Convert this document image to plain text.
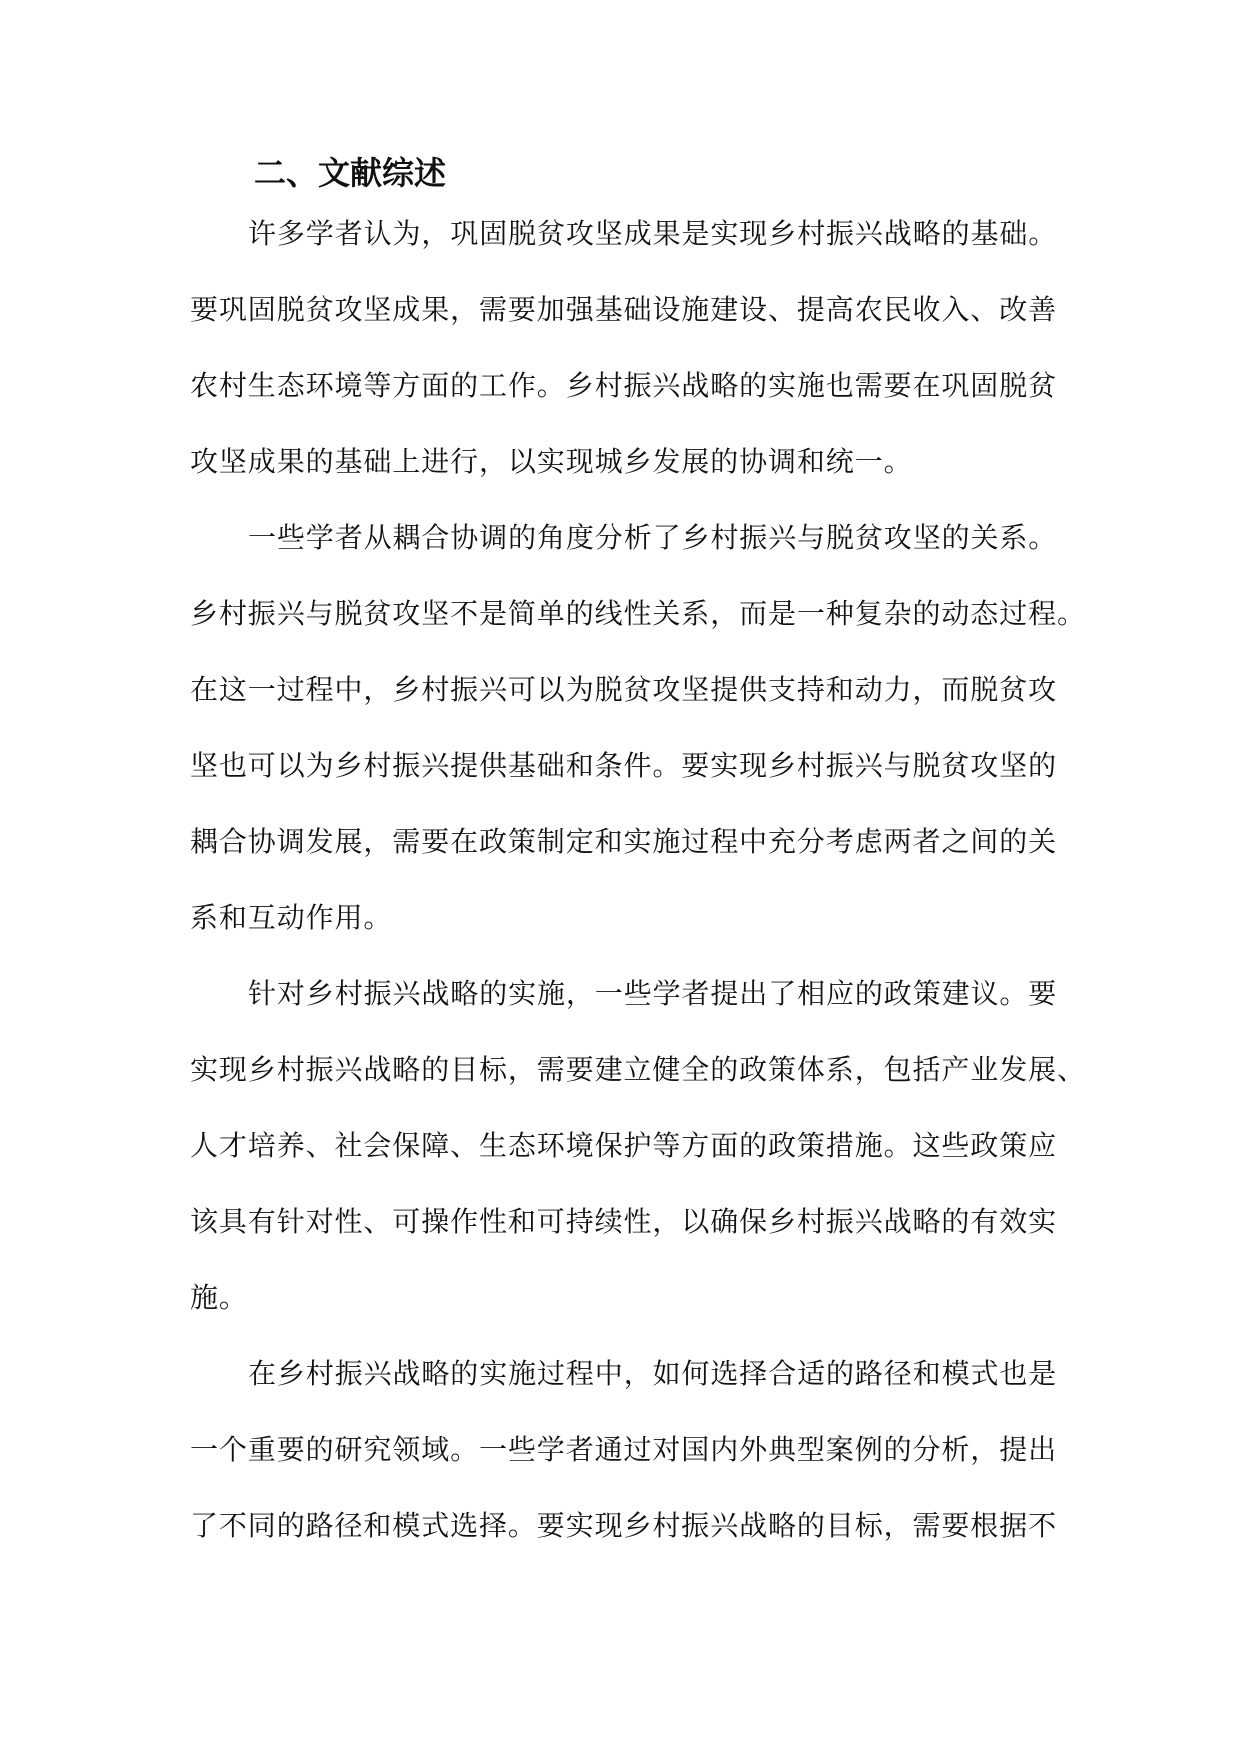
二、文献综述
许多学者认为，巩固脱贫攻坚成果是实现乡村振兴战略的基础。
要巩固脱贫攻坚成果，需要加强基础设施建设、提高农民收入、改善
农村生态环境等方面的工作。乡村振兴战略的实施也需要在巩固脱贫
攻坚成果的基础上进行，以实现城乡发展的协调和统一。
一些学者从耦合协调的角度分析了乡村振兴与脱贫攻坚的关系。
乡村振兴与脱贫攻坚不是简单的线性关系，而是一种复杂的动态过程。
在这一过程中，乡村振兴可以为脱贫攻坚提供支持和动力，而脱贫攻
坚也可以为乡村振兴提供基础和条件。要实现乡村振兴与脱贫攻坚的
耦合协调发展，需要在政策制定和实施过程中充分考虑两者之间的关
系和互动作用。
针对乡村振兴战略的实施，一些学者提出了相应的政策建议。要
实现乡村振兴战略的目标，需要建立健全的政策体系，包括产业发展、
人才培养、社会保障、生态环境保护等方面的政策措施。这些政策应
该具有针对性、可操作性和可持续性，以确保乡村振兴战略的有效实
施。
在乡村振兴战略的实施过程中，如何选择合适的路径和模式也是
一个重要的研究领域。一些学者通过对国内外典型案例的分析，提出
了不同的路径和模式选择。要实现乡村振兴战略的目标，需要根据不
